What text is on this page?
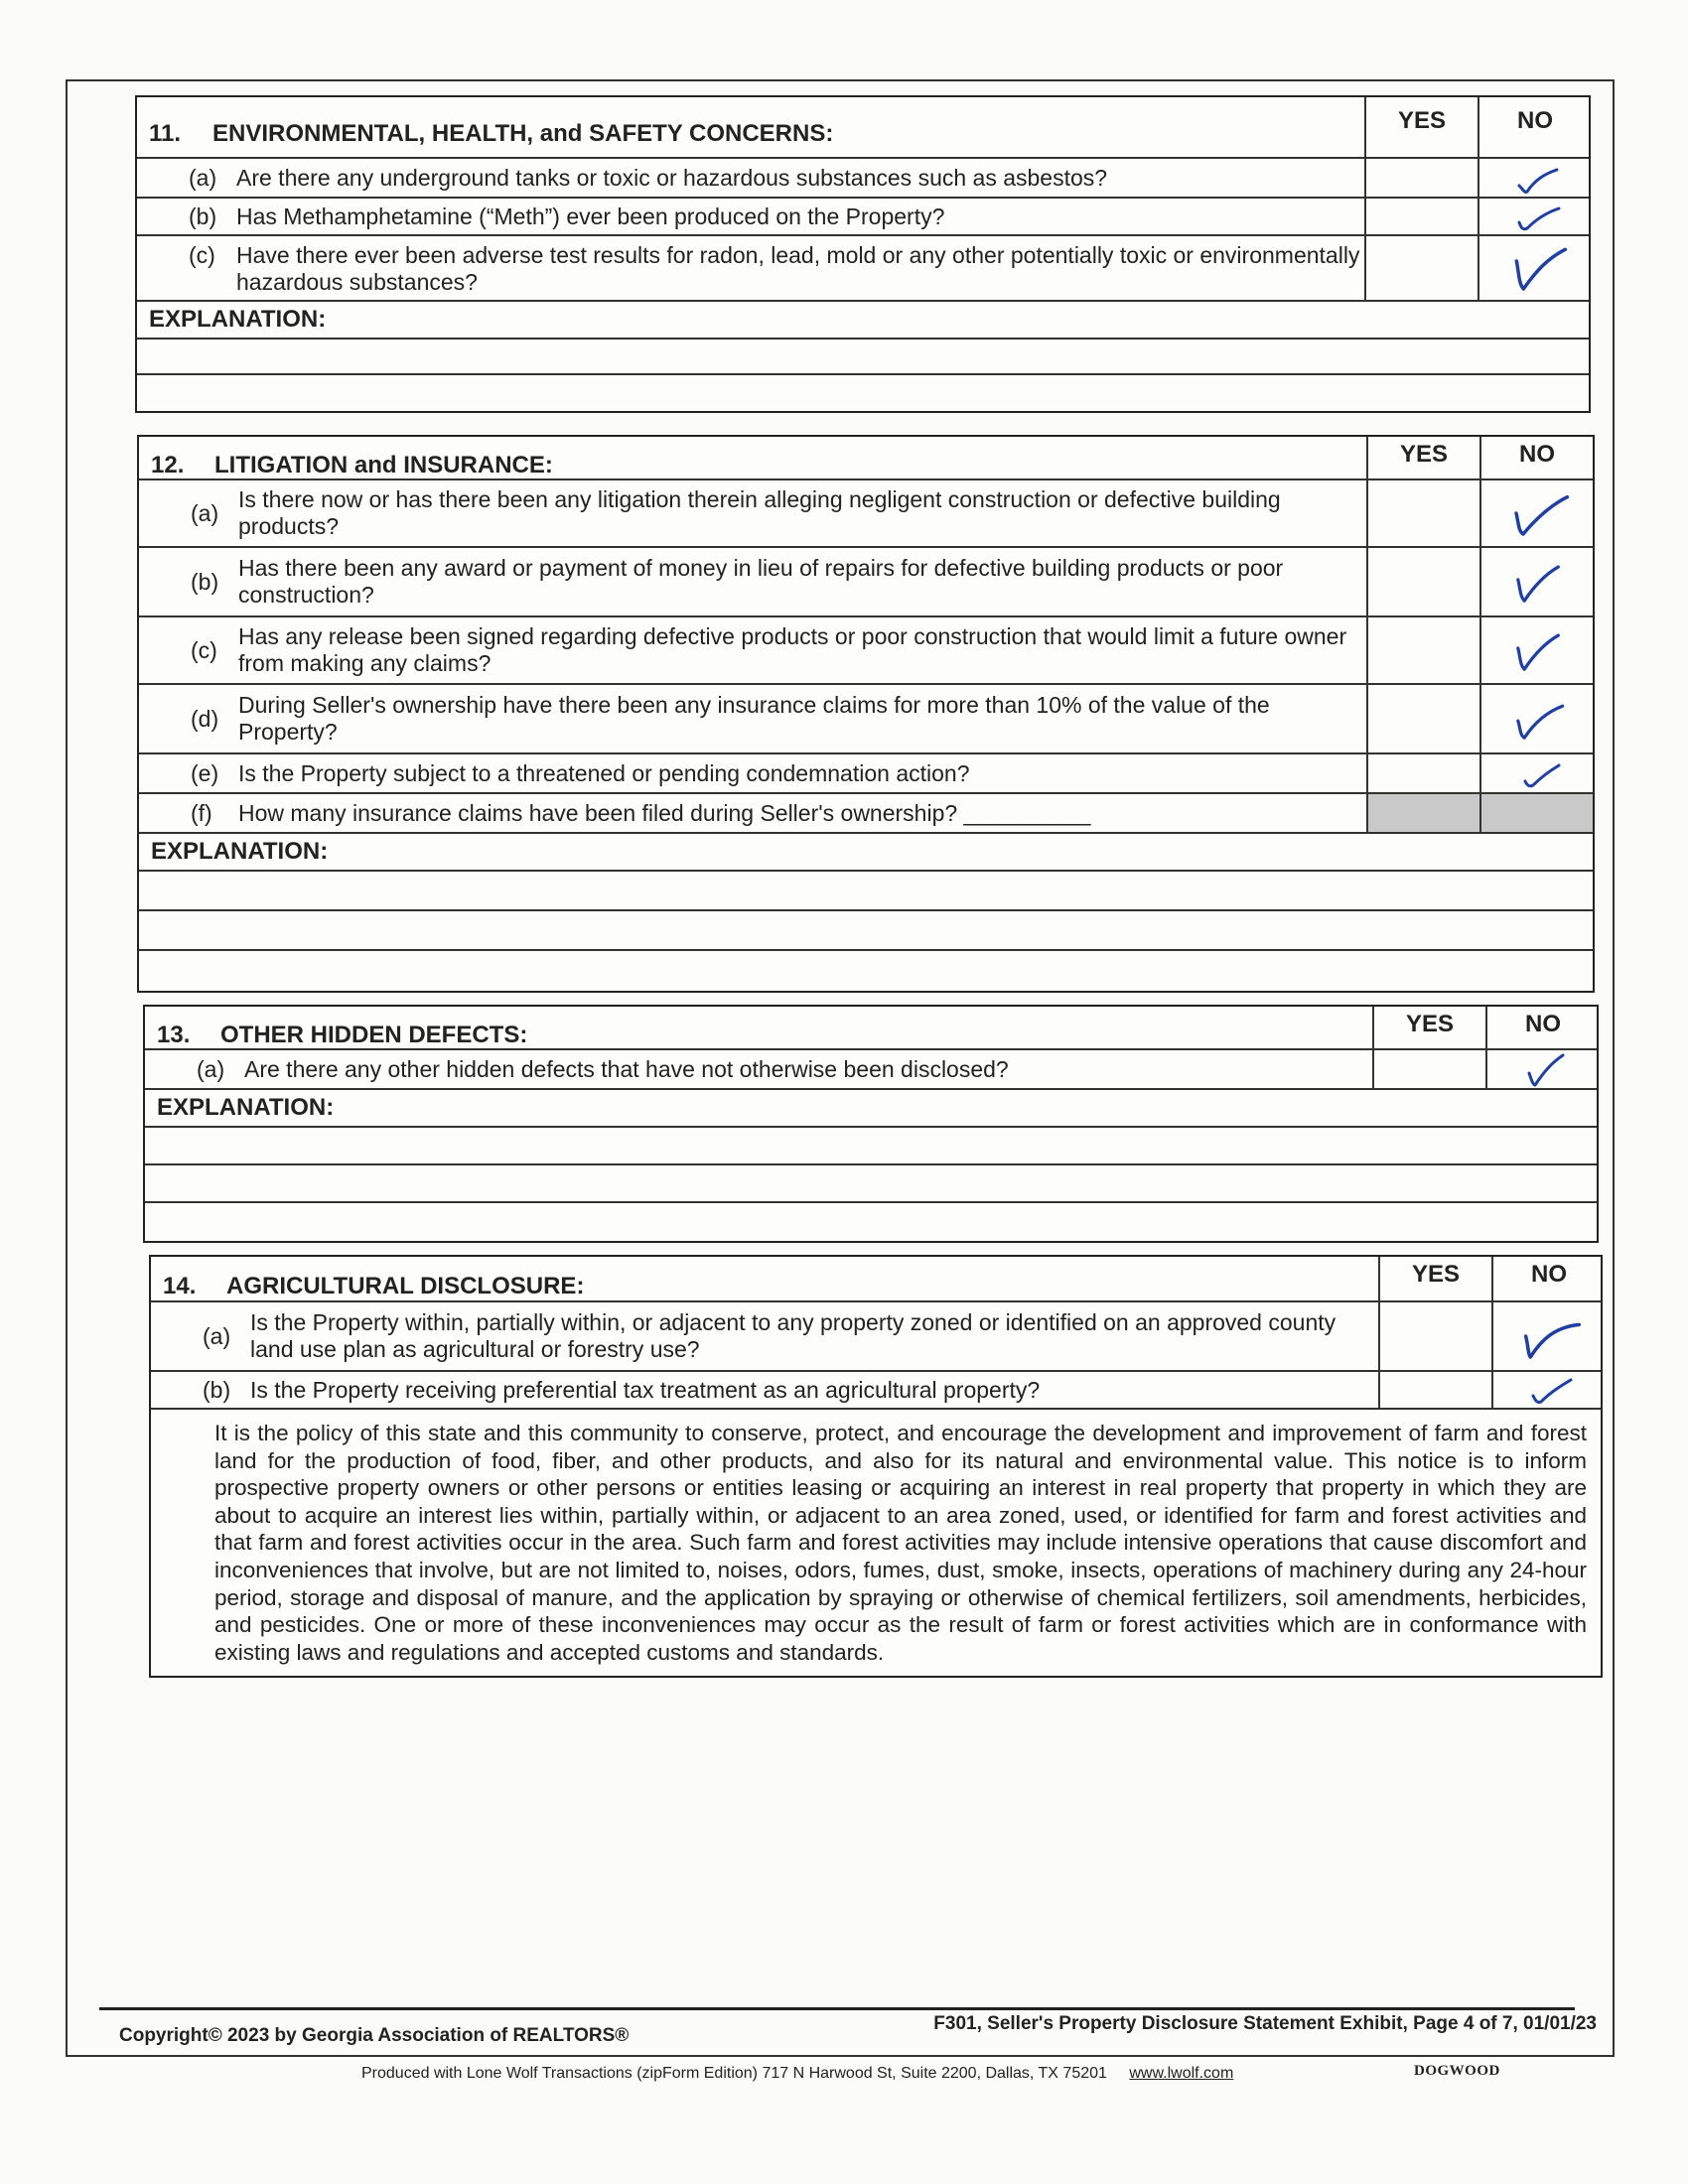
11.	ENVIRONMENTAL, HEALTH, and SAFETY CONCERNS:	YES	NO
(a) Are there any underground tanks or toxic or hazardous substances such as asbestos?
(b) Has Methamphetamine (“Meth”) ever been produced on the Property?
(c) Have there ever been adverse test results for radon, lead, mold or any other potentially toxic or environmentally hazardous substances?
EXPLANATION:
12.	LITIGATION and INSURANCE:	YES	NO
(a)
Is there now or has there been any litigation therein alleging negligent construction or defective building products?
(b)
Has there been any award or payment of money in lieu of repairs for defective building products or poor construction?
(c)
Has any release been signed regarding defective products or poor construction that would limit a future owner from making any claims?
(d)
During Seller's ownership have there been any insurance claims for more than 10% of the value of the Property?
(e) Is the Property subject to a threatened or pending condemnation action?
(f)	How many insurance claims have been filed during Seller's ownership? __________
EXPLANATION:
13.	OTHER HIDDEN DEFECTS:	YES	NO
(a) Are there any other hidden defects that have not otherwise been disclosed?
EXPLANATION:
14.	AGRICULTURAL DISCLOSURE:	YES	NO
(a)
Is the Property within, partially within, or adjacent to any property zoned or identified on an approved county land use plan as agricultural or forestry use?
(b) Is the Property receiving preferential tax treatment as an agricultural property?
It is the policy of this state and this community to conserve, protect, and encourage the development and improvement of farm and forest land for the production of food, fiber, and other products, and also for its natural and environmental value. This notice is to inform prospective property owners or other persons or entities leasing or acquiring an interest in real property that property in which they are about to acquire an interest lies within, partially within, or adjacent to an area zoned, used, or identified for farm and forest activities and that farm and forest activities occur in the area. Such farm and forest activities may include intensive operations that cause discomfort and inconveniences that involve, but are not limited to, noises, odors, fumes, dust, smoke, insects, operations of machinery during any 24-hour period, storage and disposal of manure, and the application by spraying or otherwise of chemical fertilizers, soil amendments, herbicides, and pesticides. One or more of these inconveniences may occur as the result of farm or forest activities which are in conformance with existing laws and regulations and accepted customs and standards.
Copyright© 2023 by Georgia Association of REALTORS®
F301, Seller's Property Disclosure Statement Exhibit, Page 4 of 7, 01/01/23
Produced with Lone Wolf Transactions (zipForm Edition) 717 N Harwood St, Suite 2200, Dallas, TX 75201 www.lwolf.com	DOGWOOD
